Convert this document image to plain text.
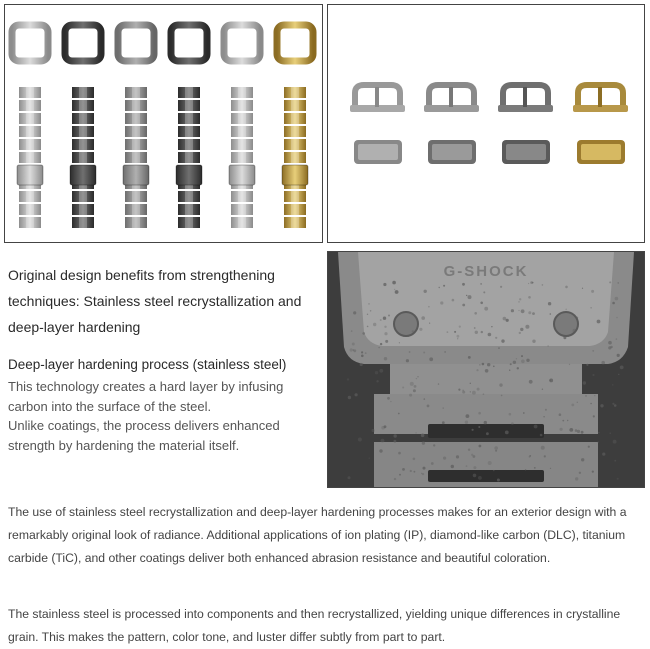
G-SHOCK
Original design benefits from strengthening techniques: Stainless steel recrystallization and deep-layer hardening
Deep-layer hardening process (stainless steel)
This technology creates a hard layer by infusing carbon into the surface of the steel.
Unlike coatings, the process delivers enhanced strength by hardening the material itself.

The use of stainless steel recrystallization and deep-layer hardening processes makes for an exterior design with a remarkably original look of radiance. Additional applications of ion plating (IP), diamond-like carbon (DLC), titanium carbide (TiC), and other coatings deliver both enhanced abrasion resistance and beautiful coloration.

The stainless steel is processed into components and then recrystallized, yielding unique differences in crystalline grain. This makes the pattern, color tone, and luster differ subtly from part to part.
